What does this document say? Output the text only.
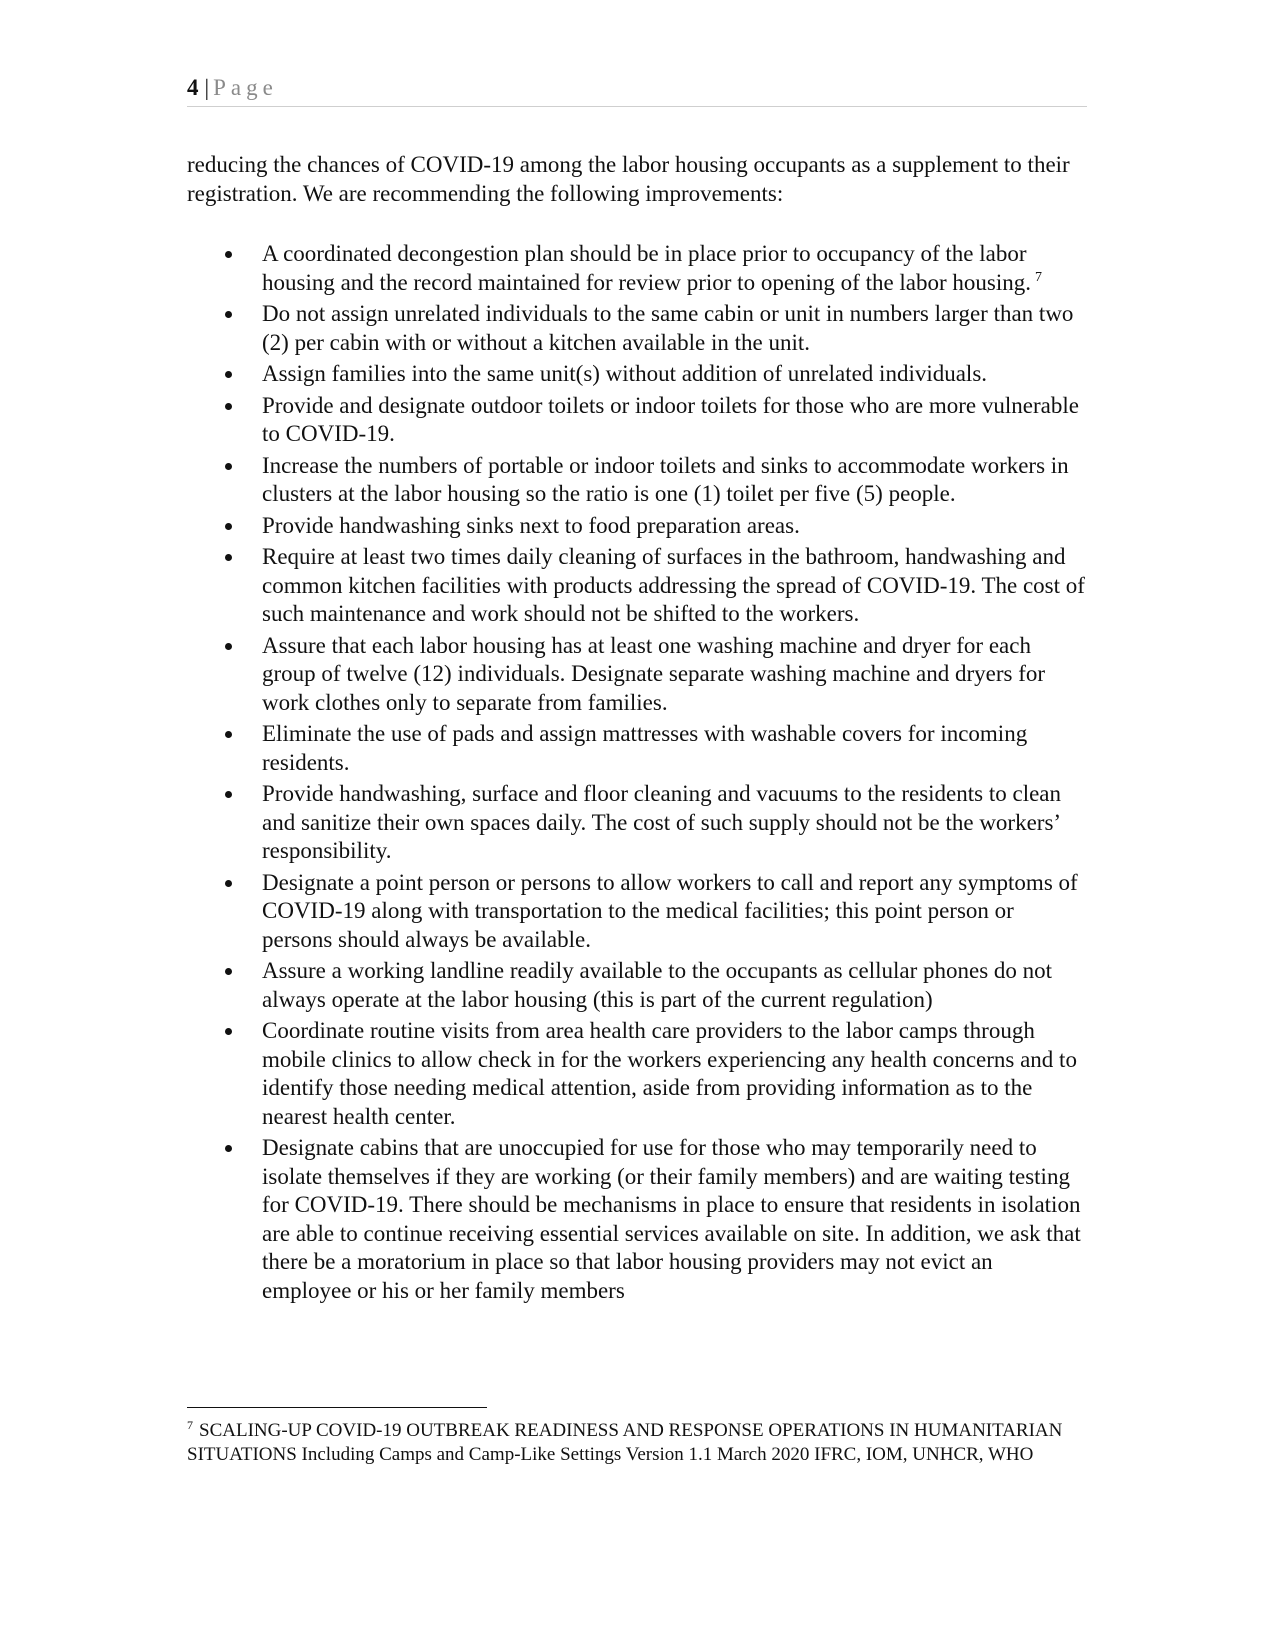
4 | Page

reducing the chances of COVID-19 among the labor housing occupants as a supplement to their registration. We are recommending the following improvements:

A coordinated decongestion plan should be in place prior to occupancy of the labor housing and the record maintained for review prior to opening of the labor housing. $^7$
Do not assign unrelated individuals to the same cabin or unit in numbers larger than two (2) per cabin with or without a kitchen available in the unit.
Assign families into the same unit(s) without addition of unrelated individuals.
Provide and designate outdoor toilets or indoor toilets for those who are more vulnerable to COVID-19.
Increase the numbers of portable or indoor toilets and sinks to accommodate workers in clusters at the labor housing so the ratio is one (1) toilet per five (5) people.
Provide handwashing sinks next to food preparation areas.
Require at least two times daily cleaning of surfaces in the bathroom, handwashing and common kitchen facilities with products addressing the spread of COVID-19. The cost of such maintenance and work should not be shifted to the workers.
Assure that each labor housing has at least one washing machine and dryer for each group of twelve (12) individuals. Designate separate washing machine and dryers for work clothes only to separate from families.
Eliminate the use of pads and assign mattresses with washable covers for incoming residents.
Provide handwashing, surface and floor cleaning and vacuums to the residents to clean and sanitize their own spaces daily. The cost of such supply should not be the workers’ responsibility.
Designate a point person or persons to allow workers to call and report any symptoms of COVID-19 along with transportation to the medical facilities; this point person or persons should always be available.
Assure a working landline readily available to the occupants as cellular phones do not always operate at the labor housing (this is part of the current regulation)
Coordinate routine visits from area health care providers to the labor camps through mobile clinics to allow check in for the workers experiencing any health concerns and to identify those needing medical attention, aside from providing information as to the nearest health center.
Designate cabins that are unoccupied for use for those who may temporarily need to isolate themselves if they are working (or their family members) and are waiting testing for COVID-19. There should be mechanisms in place to ensure that residents in isolation are able to continue receiving essential services available on site. In addition, we ask that there be a moratorium in place so that labor housing providers may not evict an employee or his or her family members

$^7$ SCALING-UP COVID-19 OUTBREAK READINESS AND RESPONSE OPERATIONS IN HUMANITARIAN SITUATIONS Including Camps and Camp-Like Settings Version 1.1 March 2020 IFRC, IOM, UNHCR, WHO
